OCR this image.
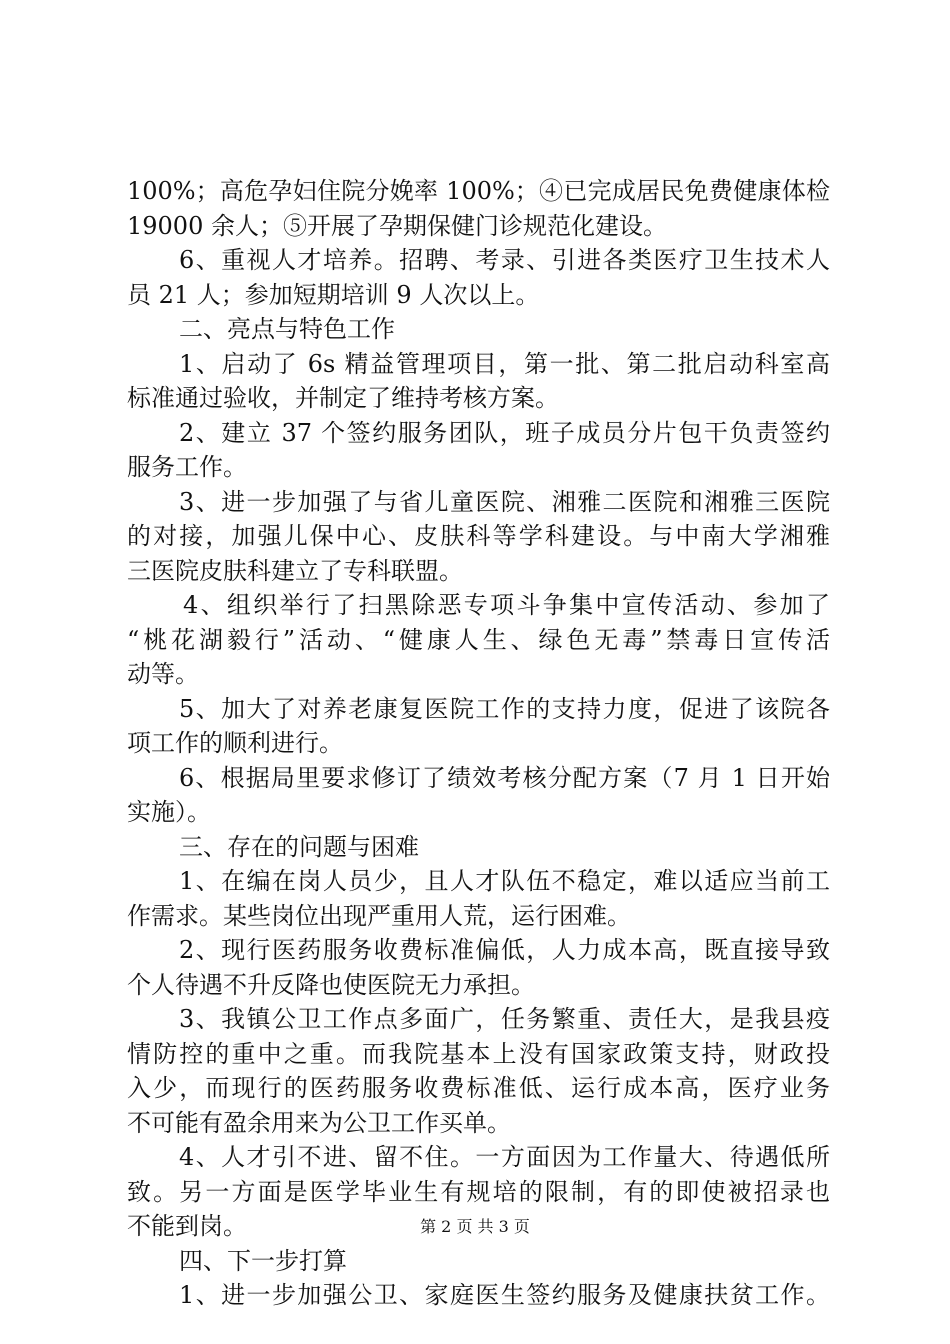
100%；高危孕妇住院分娩率 100%；④已完成居民免费健康体检
19000 余人；⑤开展了孕期保健门诊规范化建设。
6、重视人才培养。招聘、考录、引进各类医疗卫生技术人
员 21 人；参加短期培训 9 人次以上。
二、亮点与特色工作
1、启动了 6s 精益管理项目，第一批、第二批启动科室高
标准通过验收，并制定了维持考核方案。
2、建立 37 个签约服务团队，班子成员分片包干负责签约
服务工作。
3、进一步加强了与省儿童医院、湘雅二医院和湘雅三医院
的对接，加强儿保中心、皮肤科等学科建设。与中南大学湘雅
三医院皮肤科建立了专科联盟。
4、组织举行了扫黑除恶专项斗争集中宣传活动、参加了
“桃花湖毅行”活动、“健康人生、绿色无毒”禁毒日宣传活
动等。
5、加大了对养老康复医院工作的支持力度，促进了该院各
项工作的顺利进行。
6、根据局里要求修订了绩效考核分配方案（7 月 1 日开始
实施）。
三、存在的问题与困难
1、在编在岗人员少，且人才队伍不稳定，难以适应当前工
作需求。某些岗位出现严重用人荒，运行困难。
2、现行医药服务收费标准偏低，人力成本高，既直接导致
个人待遇不升反降也使医院无力承担。
3、我镇公卫工作点多面广，任务繁重、责任大，是我县疫
情防控的重中之重。而我院基本上没有国家政策支持，财政投
入少，而现行的医药服务收费标准低、运行成本高，医疗业务
不可能有盈余用来为公卫工作买单。
4、人才引不进、留不住。一方面因为工作量大、待遇低所
致。另一方面是医学毕业生有规培的限制，有的即使被招录也
不能到岗。
四、下一步打算
1、进一步加强公卫、家庭医生签约服务及健康扶贫工作。
第 2 页 共 3 页
